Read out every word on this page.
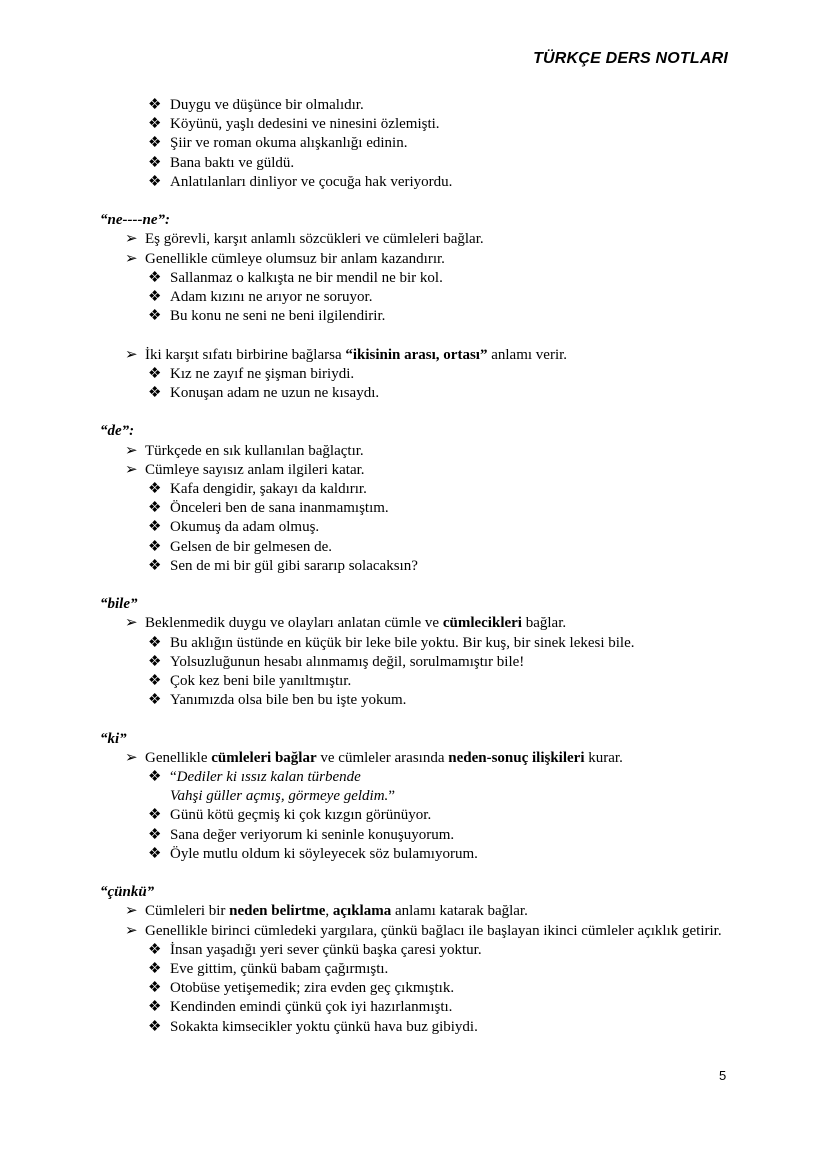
TÜRKÇE DERS NOTLARI
❖ Duygu ve düşünce bir olmalıdır.
❖ Köyünü, yaşlı dedesini ve ninesini özlemişti.
❖ Şiir ve roman okuma alışkanlığı edinin.
❖ Bana baktı ve güldü.
❖ Anlatılanları dinliyor ve çocuğa hak veriyordu.
“ne----ne”:
➢ Eş görevli, karşıt anlamlı sözcükleri ve cümleleri bağlar.
➢ Genellikle cümleye olumsuz bir anlam kazandırır.
❖ Sallanmaz o kalkışta ne bir mendil ne bir kol.
❖ Adam kızını ne arıyor ne soruyor.
❖ Bu konu ne seni ne beni ilgilendirir.
➢ İki karşıt sıfatı birbirine bağlarsa “ikisinin arası, ortası” anlamı verir.
❖ Kız ne zayıf ne şişman biriydi.
❖ Konuşan adam ne uzun ne kısaydı.
“de”:
➢ Türkçede en sık kullanılan bağlaçtır.
➢ Cümleye sayısız anlam ilgileri katar.
❖ Kafa dengidir, şakayı da kaldırır.
❖ Önceleri ben de sana inanmamıştım.
❖ Okumuş da adam olmuş.
❖ Gelsen de bir gelmesen de.
❖ Sen de mi bir gül gibi sararıp solacaksın?
“bile”
➢ Beklenmedik duygu ve olayları anlatan cümle ve cümlecikleri bağlar.
❖ Bu aklığın üstünde en küçük bir leke bile yoktu. Bir kuş, bir sinek lekesi bile.
❖ Yolsuzluğunun hesabı alınmamış değil, sorulmamıştır bile!
❖ Çok kez beni bile yanıltmıştır.
❖ Yanımızda olsa bile ben bu işte yokum.
“ki”
➢ Genellikle cümleleri bağlar ve cümleler arasında neden-sonuç ilişkileri kurar.
❖ “Dediler ki ıssız kalan türbende
Vahşi güller açmış, görmeye geldim.”
❖ Günü kötü geçmiş ki çok kızgın görünüyor.
❖ Sana değer veriyorum ki seninle konuşuyorum.
❖ Öyle mutlu oldum ki söyleyecek söz bulamıyorum.
“çünkü”
➢ Cümleleri bir neden belirtme, açıklama anlamı katarak bağlar.
➢ Genellikle birinci cümledeki yargılara, çünkü bağlacı ile başlayan ikinci cümleler açıklık getirir.
❖ İnsan yaşadığı yeri sever çünkü başka çaresi yoktur.
❖ Eve gittim, çünkü babam çağırmıştı.
❖ Otobüse yetişemedik; zira evden geç çıkmıştık.
❖ Kendinden emindi çünkü çok iyi hazırlanmıştı.
❖ Sokakta kimsecikler yoktu çünkü hava buz gibiydi.
5
